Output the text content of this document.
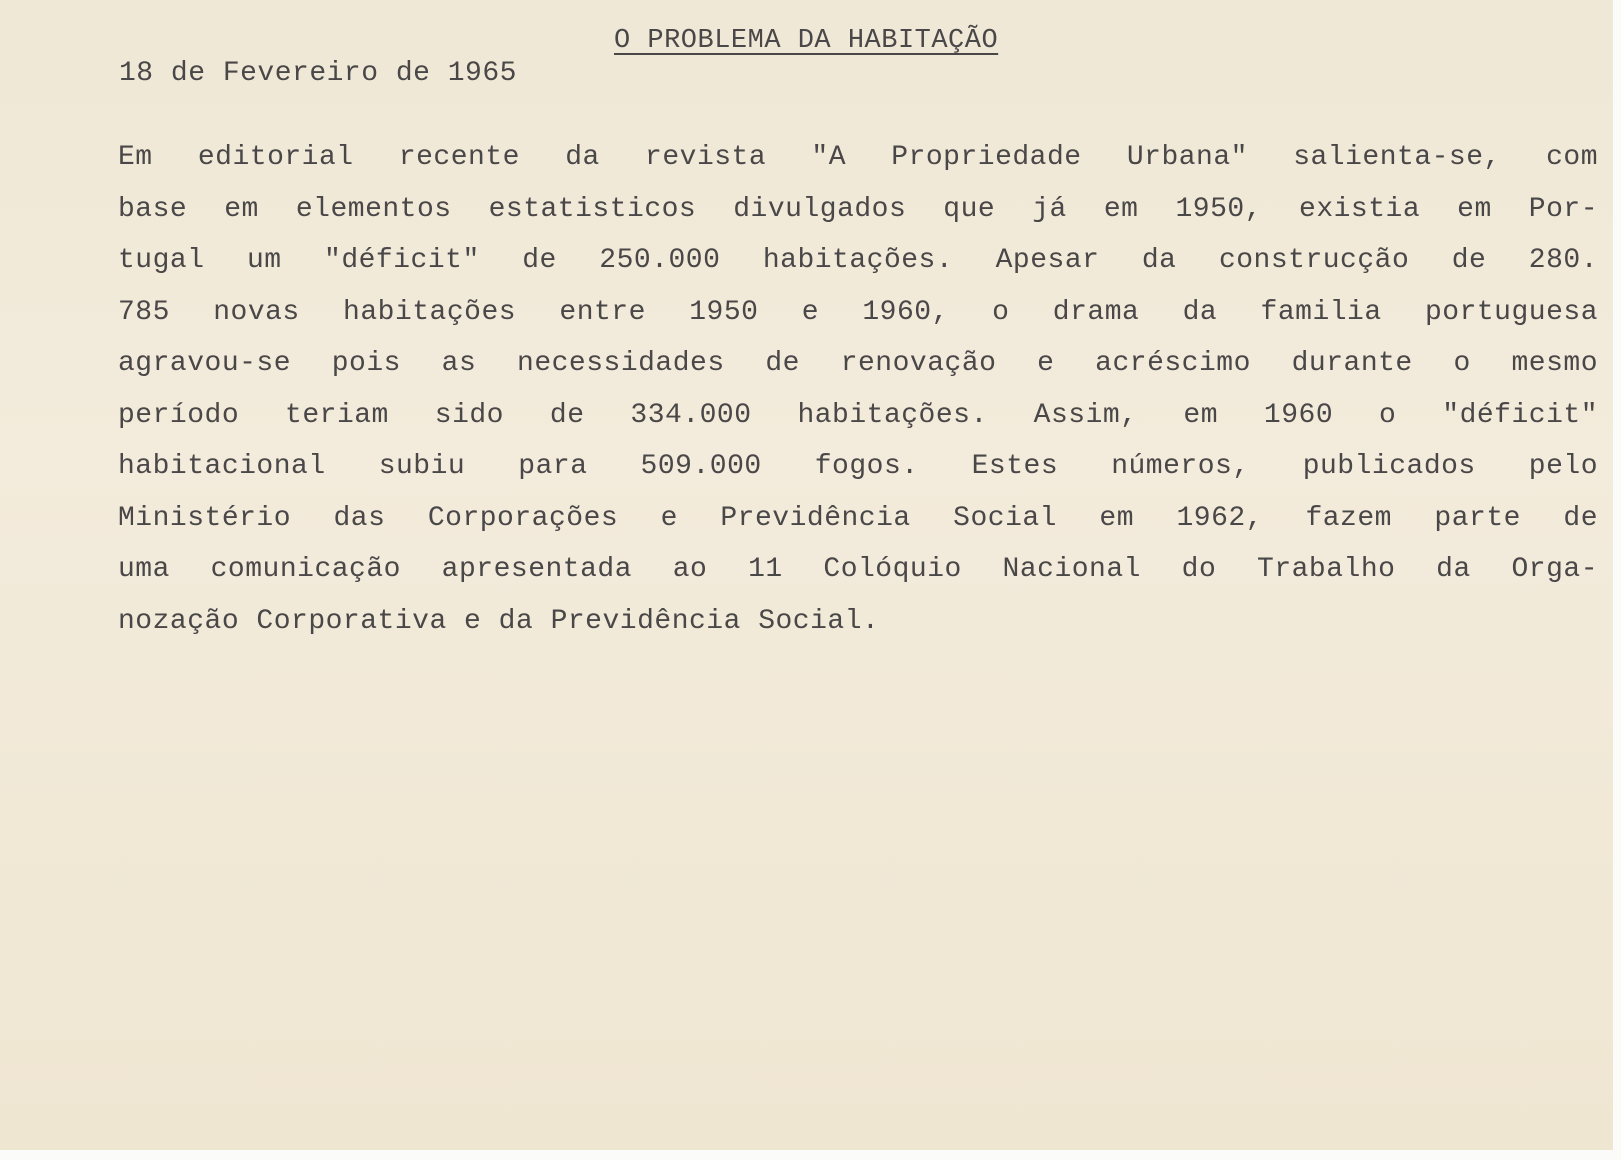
O PROBLEMA DA HABITAÇÃO
18 de Fevereiro de 1965
Em editorial recente da revista "A Propriedade Urbana" salienta-se, com
base em elementos estatisticos divulgados que já em 1950, existia em Por-
tugal um "déficit" de 250.000 habitações. Apesar da construcção de 280.
785 novas habitações entre 1950 e 1960, o drama da familia portuguesa
agravou-se pois as necessidades de renovação e acréscimo durante o mesmo
período teriam sido de 334.000 habitações. Assim, em 1960 o "déficit"
habitacional subiu para 509.000 fogos. Estes números, publicados pelo
Ministério das Corporações e Previdência Social em 1962, fazem parte de
uma comunicação apresentada ao 11 Colóquio Nacional do Trabalho da Orga-
nozação Corporativa e da Previdência Social.
